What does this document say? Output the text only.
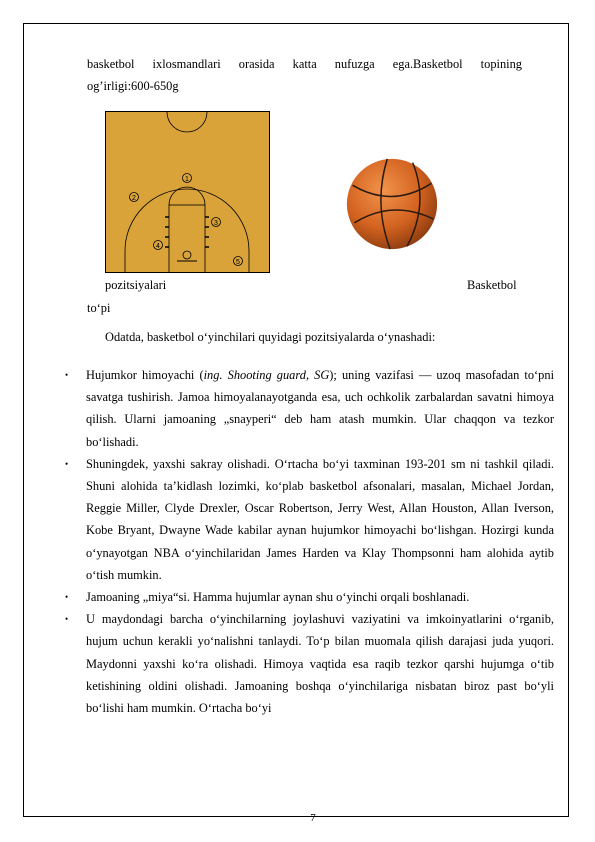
basketbol ixlosmandlari orasida katta nufuzga ega.Basketbol topining
og’irligi:600-650g
1
2
3
4
5
pozitsiyalari	Basketbol
to‘pi
Odatda, basketbol o‘yinchilari quyidagi pozitsiyalarda o‘ynashadi:
• Hujumkor himoyachi (ing. Shooting guard, SG); uning vazifasi — uzoq masofadan to‘pni savatga tushirish. Jamoa himoyalanayotganda esa, uch ochkolik zarbalardan savatni himoya qilish. Ularni jamoaning „snayperi“ deb ham atash mumkin. Ular chaqqon va tezkor bo‘lishadi.
• Shuningdek, yaxshi sakray olishadi. O‘rtacha bo‘yi taxminan 193-201 sm ni tashkil qiladi. Shuni alohida ta’kidlash lozimki, ko‘plab basketbol afsonalari, masalan, Michael Jordan, Reggie Miller, Clyde Drexler, Oscar Robertson, Jerry West, Allan Houston, Allan Iverson, Kobe Bryant, Dwayne Wade kabilar aynan hujumkor himoyachi bo‘lishgan. Hozirgi kunda o‘ynayotgan NBA o‘yinchilaridan James Harden va Klay Thompsonni ham alohida aytib o‘tish mumkin.
• Jamoaning „miya“si. Hamma hujumlar aynan shu o‘yinchi orqali boshlanadi.
• U maydondagi barcha o‘yinchilarning joylashuvi vaziyatini va imkoinyatlarini o‘rganib, hujum uchun kerakli yo‘nalishni tanlaydi. To‘p bilan muomala qilish darajasi juda yuqori. Maydonni yaxshi ko‘ra olishadi. Himoya vaqtida esa raqib tezkor qarshi hujumga o‘tib ketishining oldini olishadi. Jamoaning boshqa o‘yinchilariga nisbatan biroz past bo‘yli bo‘lishi ham mumkin. O‘rtacha bo‘yi
7
